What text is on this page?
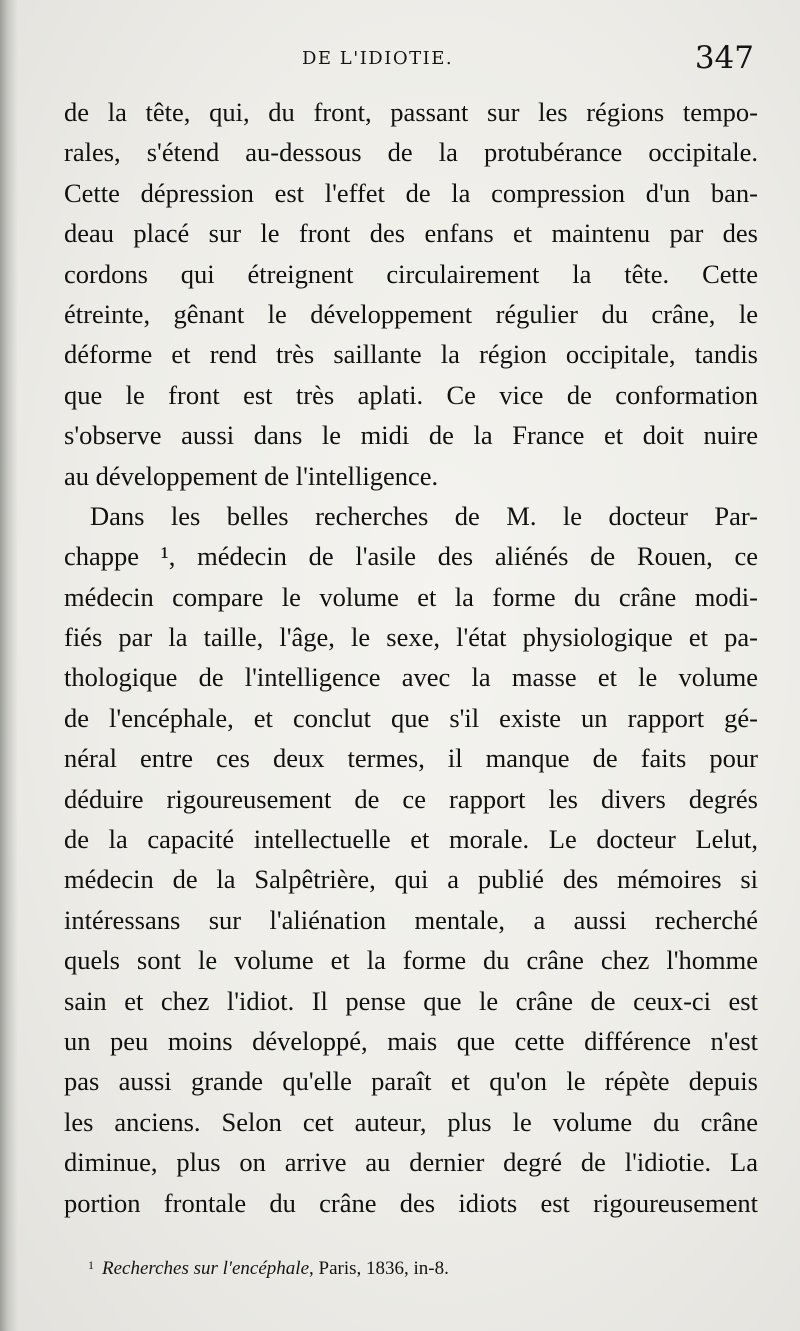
DE L'IDIOTIE.	347
de la tête, qui, du front, passant sur les régions tempo-
rales, s'étend au-dessous de la protubérance occipitale.
Cette dépression est l'effet de la compression d'un ban-
deau placé sur le front des enfans et maintenu par des
cordons qui étreignent circulairement la tête. Cette
étreinte, gênant le développement régulier du crâne, le
déforme et rend très saillante la région occipitale, tandis
que le front est très aplati. Ce vice de conformation
s'observe aussi dans le midi de la France et doit nuire
au développement de l'intelligence.
Dans les belles recherches de M. le docteur Par-
chappe ¹, médecin de l'asile des aliénés de Rouen, ce
médecin compare le volume et la forme du crâne modi-
fiés par la taille, l'âge, le sexe, l'état physiologique et pa-
thologique de l'intelligence avec la masse et le volume
de l'encéphale, et conclut que s'il existe un rapport gé-
néral entre ces deux termes, il manque de faits pour
déduire rigoureusement de ce rapport les divers degrés
de la capacité intellectuelle et morale. Le docteur Lelut,
médecin de la Salpêtrière, qui a publié des mémoires si
intéressans sur l'aliénation mentale, a aussi recherché
quels sont le volume et la forme du crâne chez l'homme
sain et chez l'idiot. Il pense que le crâne de ceux-ci est
un peu moins développé, mais que cette différence n'est
pas aussi grande qu'elle paraît et qu'on le répète depuis
les anciens. Selon cet auteur, plus le volume du crâne
diminue, plus on arrive au dernier degré de l'idiotie. La
portion frontale du crâne des idiots est rigoureusement
$^1$ Recherches sur l'encéphale, Paris, 1836, in-8.
